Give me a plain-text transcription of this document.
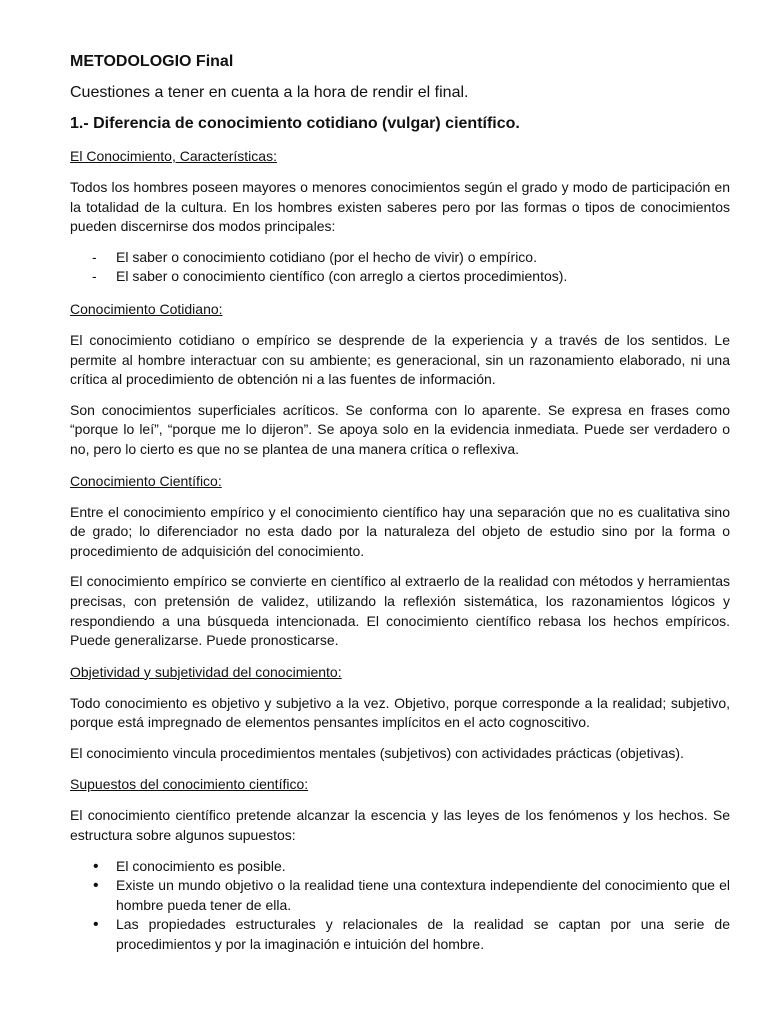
METODOLOGIO Final
Cuestiones a tener en cuenta a la hora de rendir el final.
1.- Diferencia de conocimiento cotidiano (vulgar) científico.
El Conocimiento, Características:

Todos los hombres poseen mayores o menores conocimientos según el grado y modo de participación en la totalidad de la cultura. En los hombres existen saberes pero por las formas o tipos de conocimientos pueden discernirse dos modos principales:

- El saber o conocimiento cotidiano (por el hecho de vivir) o empírico.
- El saber o conocimiento científico (con arreglo a ciertos procedimientos).
Conocimiento Cotidiano:

El conocimiento cotidiano o empírico se desprende de la experiencia y a través de los sentidos. Le permite al hombre interactuar con su ambiente; es generacional, sin un razonamiento elaborado, ni una crítica al procedimiento de obtención ni a las fuentes de información.

Son conocimientos superficiales acríticos. Se conforma con lo aparente. Se expresa en frases como “porque lo leí”, “porque me lo dijeron”. Se apoya solo en la evidencia inmediata. Puede ser verdadero o no, pero lo cierto es que no se plantea de una manera crítica o reflexiva.

Conocimiento Científico:

Entre el conocimiento empírico y el conocimiento científico hay una separación que no es cualitativa sino de grado; lo diferenciador no esta dado por la naturaleza del objeto de estudio sino por la forma o procedimiento de adquisición del conocimiento.

El conocimiento empírico se convierte en científico al extraerlo de la realidad con métodos y herramientas precisas, con pretensión de validez, utilizando la reflexión sistemática, los razonamientos lógicos y respondiendo a una búsqueda intencionada. El conocimiento científico rebasa los hechos empíricos. Puede generalizarse. Puede pronosticarse.

Objetividad y subjetividad del conocimiento:

Todo conocimiento es objetivo y subjetivo a la vez. Objetivo, porque corresponde a la realidad; subjetivo, porque está impregnado de elementos pensantes implícitos en el acto cognoscitivo.

El conocimiento vincula procedimientos mentales (subjetivos) con actividades prácticas (objetivas).

Supuestos del conocimiento científico:

El conocimiento científico pretende alcanzar la escencia y las leyes de los fenómenos y los hechos. Se estructura sobre algunos supuestos:

• El conocimiento es posible.
• Existe un mundo objetivo o la realidad tiene una contextura independiente del conocimiento que el hombre pueda tener de ella.
• Las propiedades estructurales y relacionales de la realidad se captan por una serie de procedimientos y por la imaginación e intuición del hombre.
